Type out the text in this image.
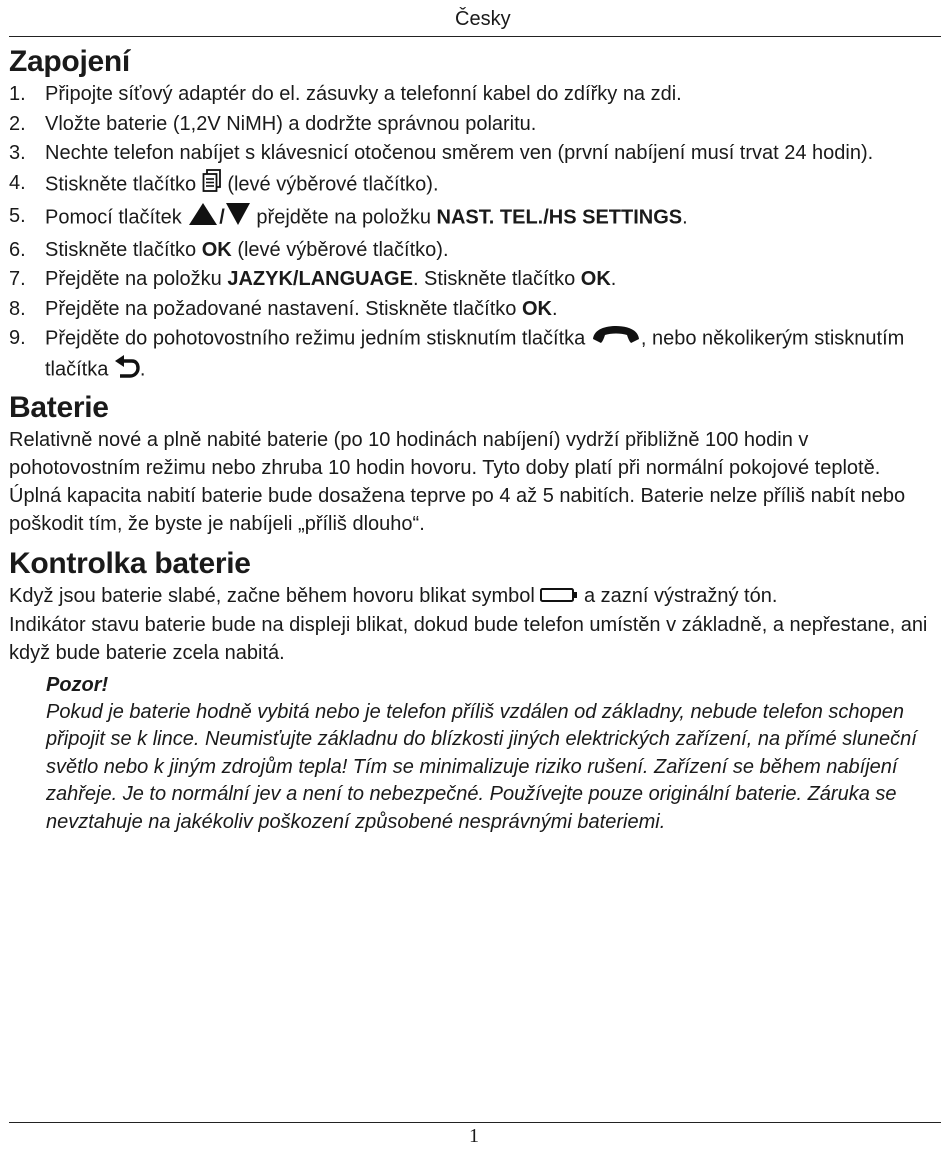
Česky
Zapojení
1. Připojte síťový adaptér do el. zásuvky a telefonní kabel do zdířky na zdi.
2. Vložte baterie (1,2V NiMH) a dodržte správnou polaritu.
3. Nechte telefon nabíjet s klávesnicí otočenou směrem ven (první nabíjení musí trvat 24 hodin).
4. Stiskněte tlačítko (levé výběrové tlačítko).
5. Pomocí tlačítek / přejděte na položku NAST. TEL./HS SETTINGS.
6. Stiskněte tlačítko OK (levé výběrové tlačítko).
7. Přejděte na položku JAZYK/LANGUAGE. Stiskněte tlačítko OK.
8. Přejděte na požadované nastavení. Stiskněte tlačítko OK.
9. Přejděte do pohotovostního režimu jedním stisknutím tlačítka	, nebo několikerým stisknutím tlačítka .
Baterie

Relativně nové a plně nabité baterie (po 10 hodinách nabíjení) vydrží přibližně 100 hodin v pohotovostním režimu nebo zhruba 10 hodin hovoru. Tyto doby platí při normální pokojové teplotě. Úplná kapacita nabití baterie bude dosažena teprve po 4 až 5 nabitích. Baterie nelze příliš nabít nebo poškodit tím, že byste je nabíjeli „příliš dlouho“.

Kontrolka baterie

Když jsou baterie slabé, začne během hovoru blikat symbol a zazní výstražný tón.

Indikátor stavu baterie bude na displeji blikat, dokud bude telefon umístěn v základně, a nepřestane, ani když bude baterie zcela nabitá.

Pozor!

Pokud je baterie hodně vybitá nebo je telefon příliš vzdálen od základny, nebude telefon schopen připojit se k lince. Neumisťujte základnu do blízkosti jiných elektrických zařízení, na přímé sluneční světlo nebo k jiným zdrojům tepla! Tím se minimalizuje riziko rušení. Zařízení se během nabíjení zahřeje. Je to normální jev a není to nebezpečné. Používejte pouze originální baterie. Záruka se nevztahuje na jakékoliv poškození způsobené nesprávnými bateriemi.

1
